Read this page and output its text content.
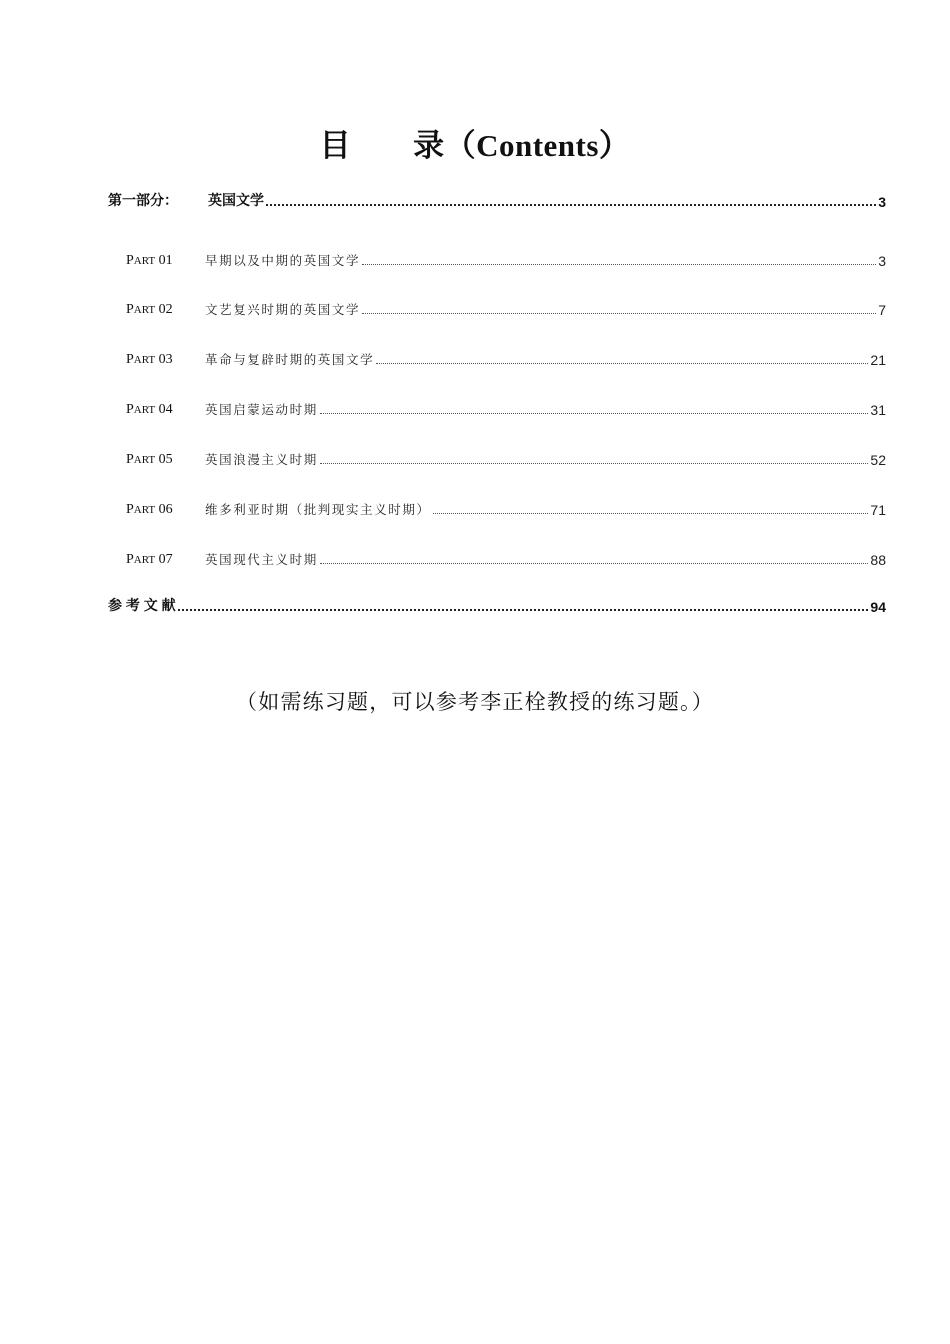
目 录（Contents）
第一部分： 英国文学	3
PART 01	早期以及中期的英国文学	3
PART 02	文艺复兴时期的英国文学	7
PART 03	革命与复辟时期的英国文学	21
PART 04	英国启蒙运动时期	31
PART 05	英国浪漫主义时期	52
PART 06	维多利亚时期（批判现实主义时期）	71
PART 07	英国现代主义时期	88
参 考 文 献	94
（如需练习题，可以参考李正栓教授的练习题。）
